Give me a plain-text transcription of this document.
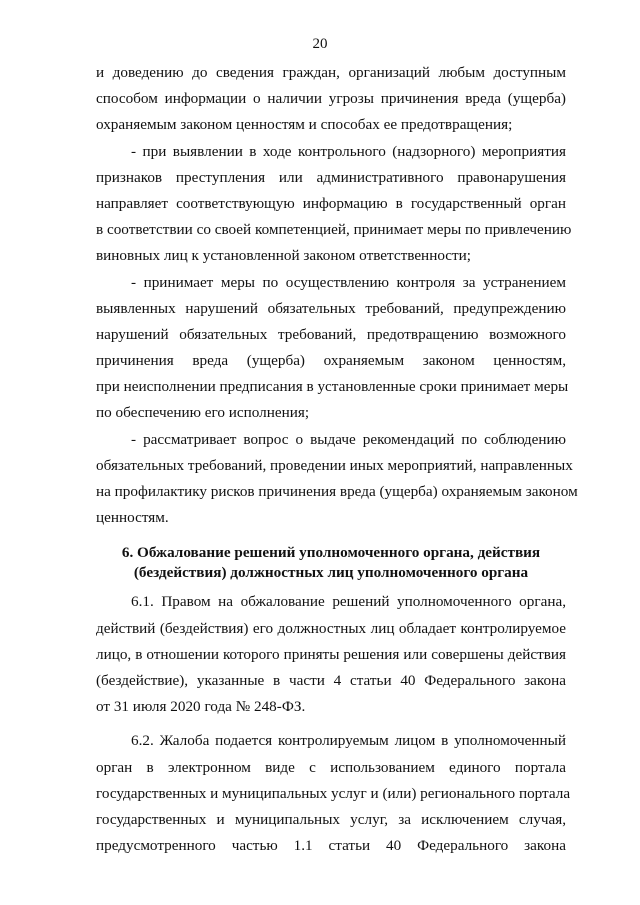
20
и доведению до сведения граждан, организаций любым доступным
способом информации о наличии угрозы причинения вреда (ущерба)
охраняемым законом ценностям и способах ее предотвращения;
- при выявлении в ходе контрольного (надзорного) мероприятия
признаков преступления или административного правонарушения
направляет соответствующую информацию в государственный орган
в соответствии со своей компетенцией, принимает меры по привлечению
виновных лиц к установленной законом ответственности;
- принимает меры по осуществлению контроля за устранением
выявленных нарушений обязательных требований, предупреждению
нарушений обязательных требований, предотвращению возможного
причинения вреда (ущерба) охраняемым законом ценностям,
при неисполнении предписания в установленные сроки принимает меры
по обеспечению его исполнения;
- рассматривает вопрос о выдаче рекомендаций по соблюдению
обязательных требований, проведении иных мероприятий, направленных
на профилактику рисков причинения вреда (ущерба) охраняемым законом
ценностям.
6. Обжалование решений уполномоченного органа, действия
(бездействия) должностных лиц уполномоченного органа
6.1. Правом на обжалование решений уполномоченного органа,
действий (бездействия) его должностных лиц обладает контролируемое
лицо, в отношении которого приняты решения или совершены действия
(бездействие), указанные в части 4 статьи 40 Федерального закона
от 31 июля 2020 года № 248-ФЗ.
6.2. Жалоба подается контролируемым лицом в уполномоченный
орган в электронном виде с использованием единого портала
государственных и муниципальных услуг и (или) регионального портала
государственных и муниципальных услуг, за исключением случая,
предусмотренного частью 1.1 статьи 40 Федерального закона
